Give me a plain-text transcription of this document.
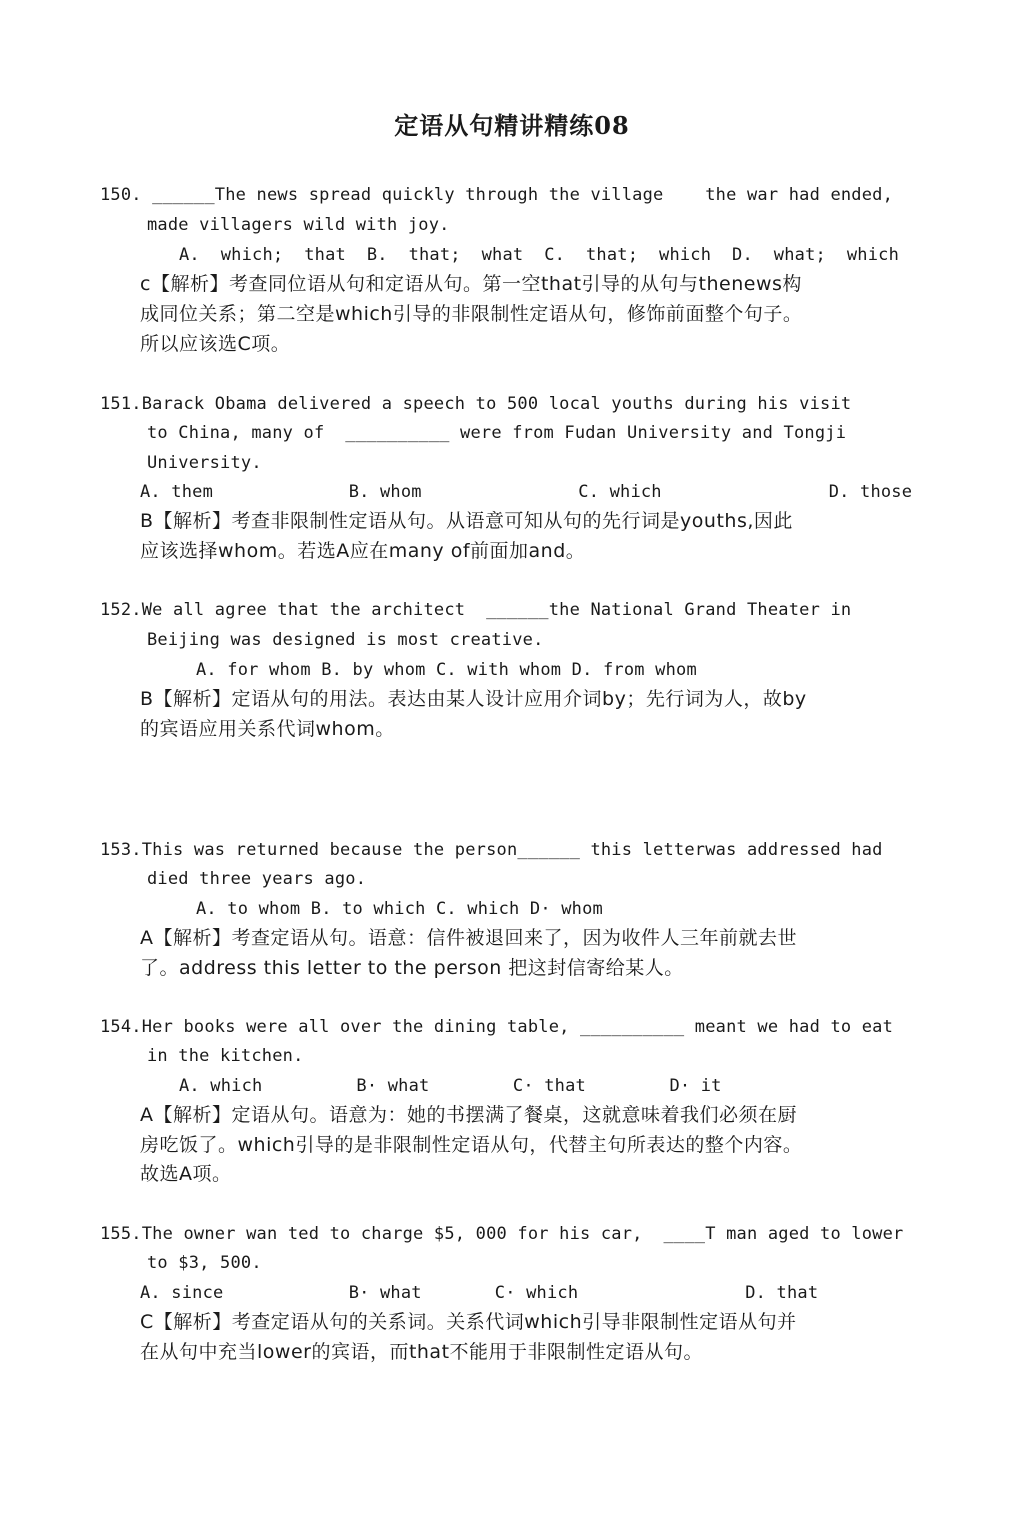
定语从句精讲精练08
150. ______The news spread quickly through the village    the war had ended,
made villagers wild with joy.
A.  which;  that  B.  that;  what  C.  that;  which  D.  what;  which
c【解析】考查同位语从句和定语从句。第一空that引导的从句与thenews构
成同位关系；第二空是which引导的非限制性定语从句，修饰前面整个句子。
所以应该选C项。
151.Barack Obama delivered a speech to 500 local youths during his visit
to China, many of  __________ were from Fudan University and Tongji
University.
A. them             B. whom               C. which                D. those
B【解析】考查非限制性定语从句。从语意可知从句的先行词是youths,因此
应该选择whom。若选A应在many of前面加and。
152.We all agree that the architect  ______the National Grand Theater in
Beijing was designed is most creative.
A. for whom B. by whom C. with whom D. from whom
B【解析】定语从句的用法。表达由某人设计应用介词by；先行词为人，故by
的宾语应用关系代词whom。
153.This was returned because the person______ this letterwas addressed had
died three years ago.
A. to whom B. to which C. which D· whom
A【解析】考查定语从句。语意：信件被退回来了，因为收件人三年前就去世
了。address this letter to the person 把这封信寄给某人。
154.Her books were all over the dining table, __________ meant we had to eat
in the kitchen.
A. which         B· what        C· that        D· it
A【解析】定语从句。语意为：她的书摆满了餐桌，这就意味着我们必须在厨
房吃饭了。which引导的是非限制性定语从句，代替主句所表达的整个内容。
故选A项。
155.The owner wan ted to charge $5, 000 for his car,  ____T man aged to lower
to $3, 500.
A. since            B· what       C· which                D. that
C【解析】考查定语从句的关系词。关系代词which引导非限制性定语从句并
在从句中充当lower的宾语，而that不能用于非限制性定语从句。
